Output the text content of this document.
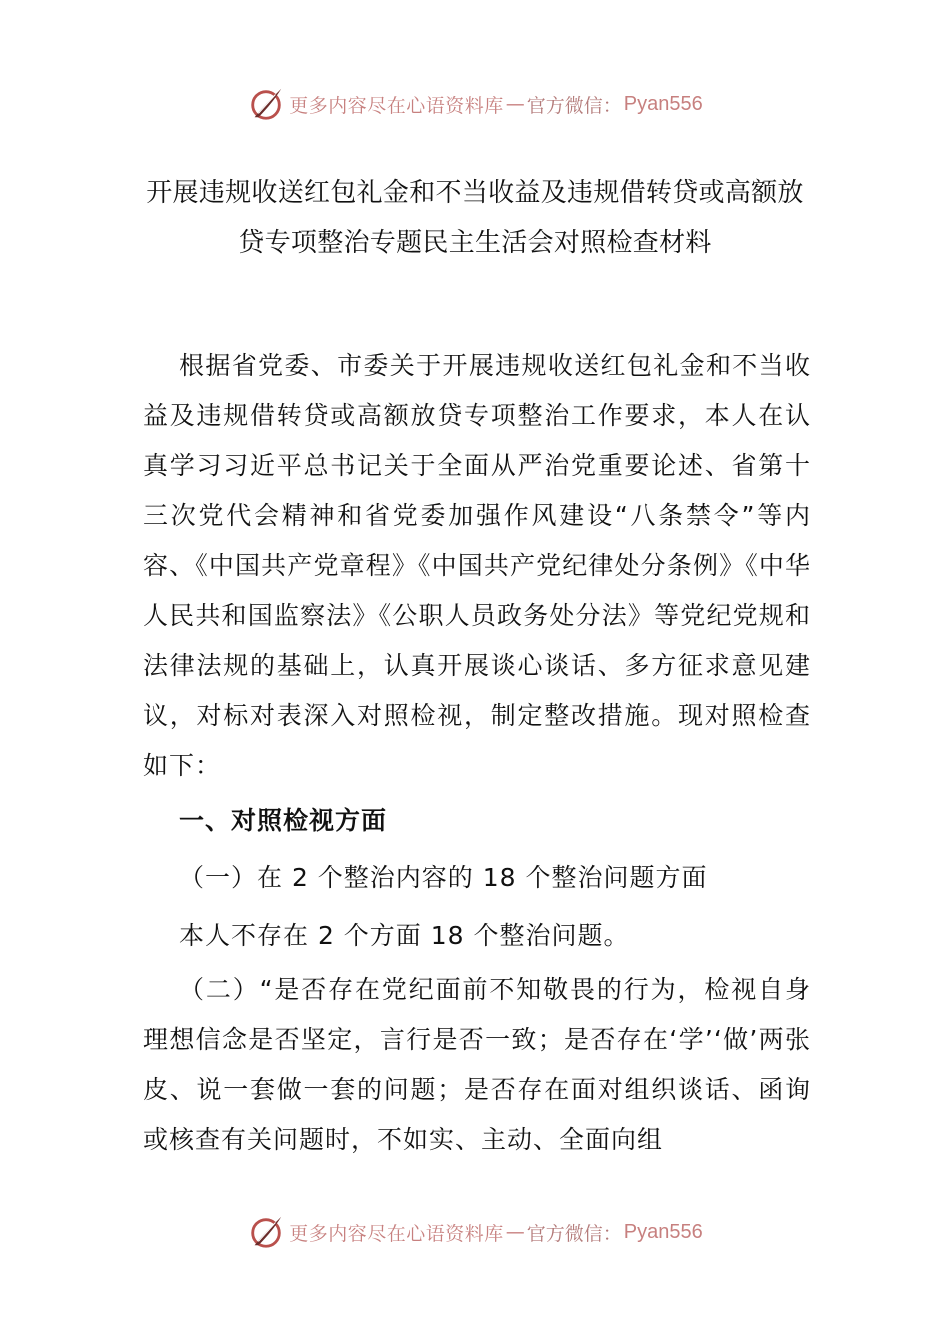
更多内容尽在心语资料库 — 官方微信： Pyan556
开展违规收送红包礼金和不当收益及违规借转贷或高额放
贷专项整治专题民主生活会对照检查材料

根据省党委、市委关于开展违规收送红包礼金和不当收益及违规借转贷或高额放贷专项整治工作要求，本人在认真学习习近平总书记关于全面从严治党重要论述、省第十三次党代会精神和省党委加强作风建设“八条禁令”等内容、《中国共产党章程》《中国共产党纪律处分条例》《中华人民共和国监察法》《公职人员政务处分法》等党纪党规和法律法规的基础上，认真开展谈心谈话、多方征求意见建议，对标对表深入对照检视，制定整改措施。现对照检查如下：

一、对照检视方面

（一）在 2 个整治内容的 18 个整治问题方面

本人不存在 2 个方面 18 个整治问题。

（二）“是否存在党纪面前不知敬畏的行为，检视自身理想信念是否坚定，言行是否一致；是否存在‘学’‘做’两张皮、说一套做一套的问题；是否存在面对组织谈话、函询或核查有关问题时，不如实、主动、全面向组

更多内容尽在心语资料库 — 官方微信： Pyan556
